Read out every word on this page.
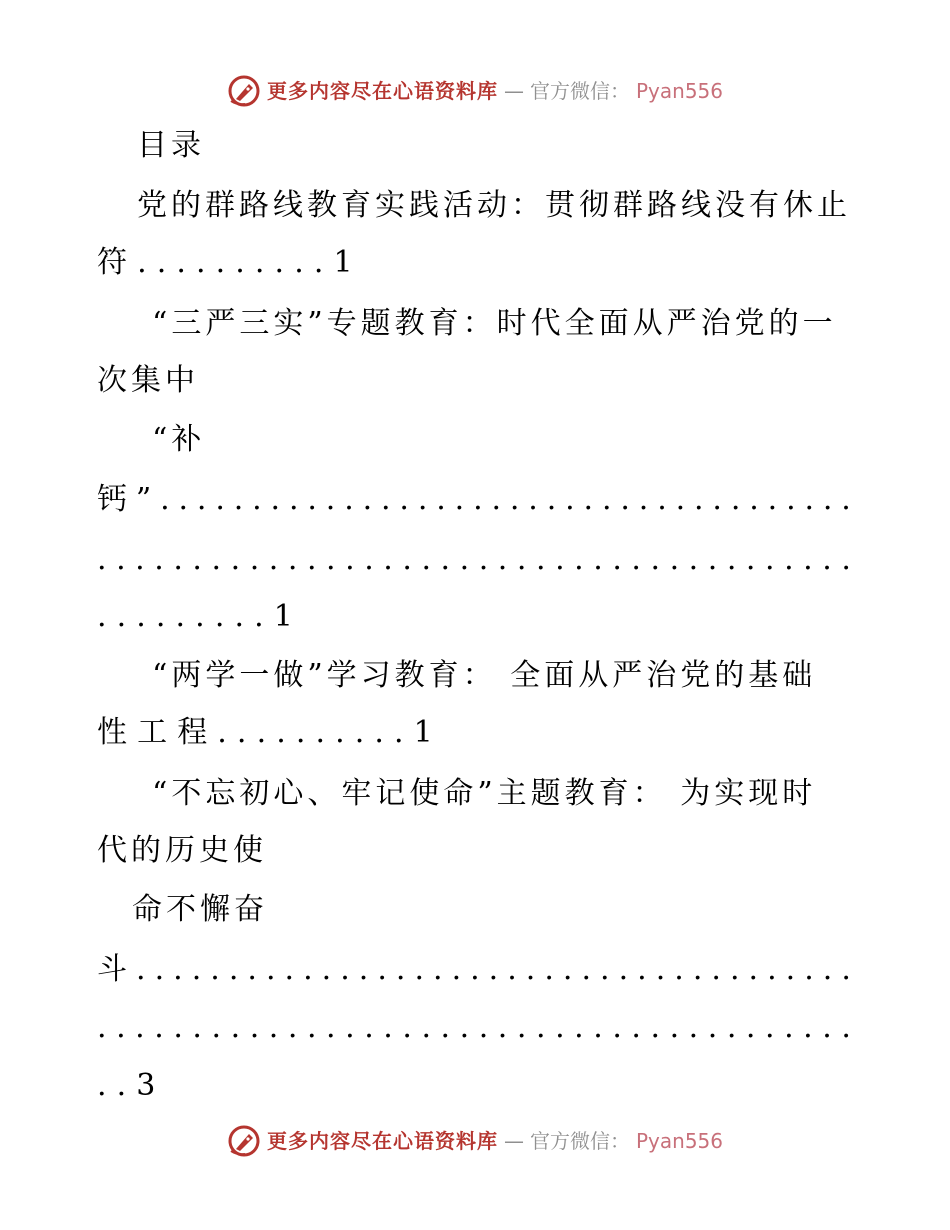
更多内容尽在心语资料库 — 官方微信： Pyan556
目录
党的群路线教育实践活动：贯彻群路线没有休止
符..........1
“三严三实”专题教育：时代全面从严治党的一
次集中
“补
钙”......................................
........................................
.........1
“两学一做”学习教育： 全面从严治党的基础
性工程..........1
“不忘初心、牢记使命”主题教育： 为实现时
代的历史使
命不懈奋
斗.......................................
........................................
..3
更多内容尽在心语资料库 — 官方微信： Pyan556
